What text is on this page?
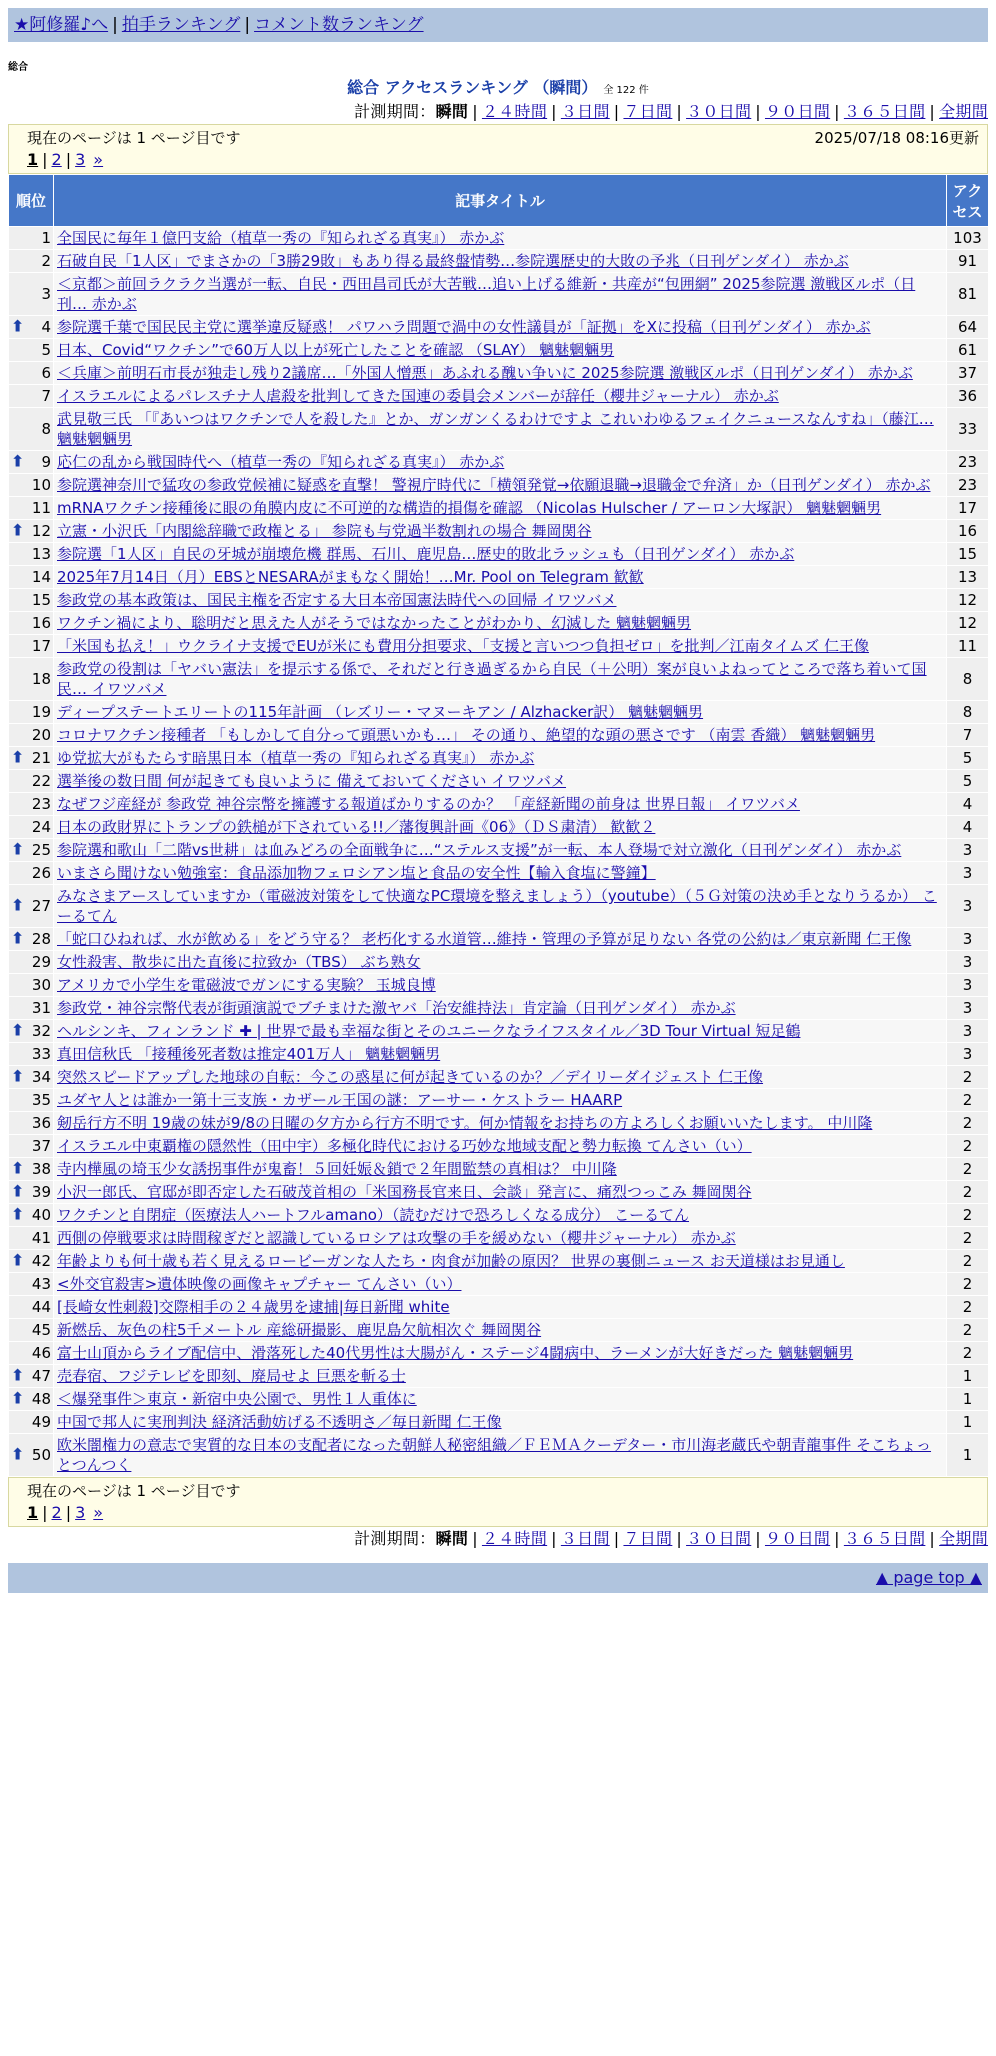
★阿修羅♪へ | 拍手ランキング | コメント数ランキング
総合
総合 アクセスランキング （瞬間） 全 122 件
計測期間：瞬間 | ２４時間 | ３日間 | ７日間 | ３０日間 | ９０日間 | ３６５日間 | 全期間
現在のページは 1 ページ目です	2025/07/18 08:16更新
1 | 2 | 3 »
順位	記事タイトル	アクセス
1	全国民に毎年１億円支給（植草一秀の『知られざる真実』） 赤かぶ	103
2	石破自民「1人区」でまさかの「3勝29敗」もあり得る最終盤情勢…参院選歴史的大敗の予兆（日刊ゲンダイ） 赤かぶ	91
3	＜京都＞前回ラクラク当選が一転、自民・西田昌司氏が大苦戦…追い上げる維新・共産が“包囲網” 2025参院選 激戦区ルポ（日刊… 赤かぶ	81

⬆ 4	参院選千葉で国民民主党に選挙違反疑惑！ パワハラ問題で渦中の女性議員が「証拠」をXに投稿（日刊ゲンダイ） 赤かぶ	64
5	日本、Covid“ワクチン”で60万人以上が死亡したことを確認 （SLAY） 魑魅魍魎男	61
6	＜兵庫＞前明石市長が独走し残り2議席…「外国人憎悪」あふれる醜い争いに 2025参院選 激戦区ルポ（日刊ゲンダイ） 赤かぶ	37
7	イスラエルによるパレスチナ人虐殺を批判してきた国連の委員会メンバーが辞任（櫻井ジャーナル） 赤かぶ	36
8	武見敬三氏 「『あいつはワクチンで人を殺した』とか、ガンガンくるわけですよ これいわゆるフェイクニュースなんすね」（藤江… 魑魅魍魎男	33

⬆ 9	応仁の乱から戦国時代へ（植草一秀の『知られざる真実』） 赤かぶ	23
10	参院選神奈川で猛攻の参政党候補に疑惑を直撃！ 警視庁時代に「横領発覚→依願退職→退職金で弁済」か（日刊ゲンダイ） 赤かぶ	23
11	mRNAワクチン接種後に眼の角膜内皮に不可逆的な構造的損傷を確認 （Nicolas Hulscher / アーロン大塚訳） 魑魅魍魎男	17

⬆ 12	立憲・小沢氏「内閣総辞職で政権とる」 参院も与党過半数割れの場合 舞岡関谷	16
13	参院選「1人区」自民の牙城が崩壊危機 群馬、石川、鹿児島…歴史的敗北ラッシュも（日刊ゲンダイ） 赤かぶ	15
14	2025年7月14日（月）EBSとNESARAがまもなく開始！…Mr. Pool on Telegram 歓歓	13
15	参政党の基本政策は、国民主権を否定する大日本帝国憲法時代への回帰 イワツバメ	12
16	ワクチン禍により、聡明だと思えた人がそうではなかったことがわかり、幻滅した 魑魅魍魎男	12
17	「米国も払え！」ウクライナ支援でEUが米にも費用分担要求、「支援と言いつつ負担ゼロ」を批判／江南タイムズ 仁王像	11
18	参政党の役割は「ヤバい憲法」を提示する係で、それだと行き過ぎるから自民（＋公明）案が良いよねってところで落ち着いて国民… イワツバメ	8
19	ディープステートエリートの115年計画 （レズリー・マヌーキアン / Alzhacker訳） 魑魅魍魎男	8
20	コロナワクチン接種者 「もしかして自分って頭悪いかも…」 その通り、絶望的な頭の悪さです （南雲 香織） 魑魅魍魎男	7

⬆ 21	ゆ党拡大がもたらす暗黒日本（植草一秀の『知られざる真実』） 赤かぶ	5
22	選挙後の数日間 何が起きても良いように 備えておいてください イワツバメ	5
23	なぜフジ産経が 参政党 神谷宗幣を擁護する報道ばかりするのか？ 「産経新聞の前身は 世界日報」 イワツバメ	4
24	日本の政財界にトランプの鉄槌が下されている!!／藩復興計画《06》（ＤＳ粛清） 歓歓２	4

⬆ 25	参院選和歌山「二階vs世耕」は血みどろの全面戦争に…“ステルス支援”が一転、本人登場で対立激化（日刊ゲンダイ） 赤かぶ	3
26	いまさら聞けない勉強室：食品添加物フェロシアン塩と食品の安全性【輸入食塩に警鐘】	3

⬆ 27	みなさまアースしていますか（電磁波対策をして快適なPC環境を整えましょう）（youtube）（５Ｇ対策の決め手となりうるか） こーるてん	3

⬆ 28	「蛇口ひねれば、水が飲める」をどう守る？ 老朽化する水道管…維持・管理の予算が足りない 各党の公約は／東京新聞 仁王像	3
29	女性殺害、散歩に出た直後に拉致か（TBS） ぶち熟女	3
30	アメリカで小学生を電磁波でガンにする実験？ 玉城良博	3
31	参政党・神谷宗幣代表が街頭演説でブチまけた激ヤバ「治安維持法」肯定論（日刊ゲンダイ） 赤かぶ	3

⬆ 32	ヘルシンキ、フィンランド ✚ | 世界で最も幸福な街とそのユニークなライフスタイル／3D Tour Virtual 短足鶴	3
33	真田信秋氏 「接種後死者数は推定401万人」 魑魅魍魎男	3

⬆ 34	突然スピードアップした地球の自転：今この惑星に何が起きているのか？／デイリーダイジェスト 仁王像	2
35	ユダヤ人とは誰か一第十三支族・カザール王国の謎：アーサー・ケストラー HAARP	2
36	剱岳行方不明 19歳の妹が9/8の日曜の夕方から行方不明です。何か情報をお持ちの方よろしくお願いいたします。 中川隆	2
37	イスラエル中東覇権の隠然性（田中宇）多極化時代における巧妙な地域支配と勢力転換 てんさい（い）	2

⬆ 38	寺内樺風の埼玉少女誘拐事件が鬼畜！５回妊娠＆鎖で２年間監禁の真相は？ 中川隆	2

⬆ 39	小沢一郎氏、官邸が即否定した石破茂首相の「米国務長官来日、会談」発言に、痛烈つっこみ 舞岡関谷	2

⬆ 40	ワクチンと自閉症（医療法人ハートフルamano）（読むだけで恐ろしくなる成分） こーるてん	2
41	西側の停戦要求は時間稼ぎだと認識しているロシアは攻撃の手を緩めない（櫻井ジャーナル） 赤かぶ	2

⬆ 42	年齢よりも何十歳も若く見えるロービーガンな人たち・肉食が加齢の原因？ 世界の裏側ニュース お天道様はお見通し	2
43	<外交官殺害>遺体映像の画像キャプチャー てんさい（い）	2
44	[長崎女性刺殺]交際相手の２４歳男を逮捕|毎日新聞 white	2
45	新燃岳、灰色の柱5千メートル 産総研撮影、鹿児島欠航相次ぐ 舞岡関谷	2
46	富士山頂からライブ配信中、滑落死した40代男性は大腸がん・ステージ4闘病中、ラーメンが大好きだった 魑魅魍魎男	2

⬆ 47	売春宿、フジテレビを即刻、廃局せよ 巨悪を斬る士	1

⬆ 48	＜爆発事件＞東京・新宿中央公園で、男性１人重体に	1
49	中国で邦人に実刑判決 経済活動妨げる不透明さ／毎日新聞 仁王像	1

⬆ 50	欧米闇権力の意志で実質的な日本の支配者になった朝鮮人秘密組織／ＦＥＭＡクーデター・市川海老蔵氏や朝青龍事件 そこちょっとつんつく	1
現在のページは 1 ページ目です
1 | 2 | 3 »
計測期間：瞬間 | ２４時間 | ３日間 | ７日間 | ３０日間 | ９０日間 | ３６５日間 | 全期間
▲ page top ▲
